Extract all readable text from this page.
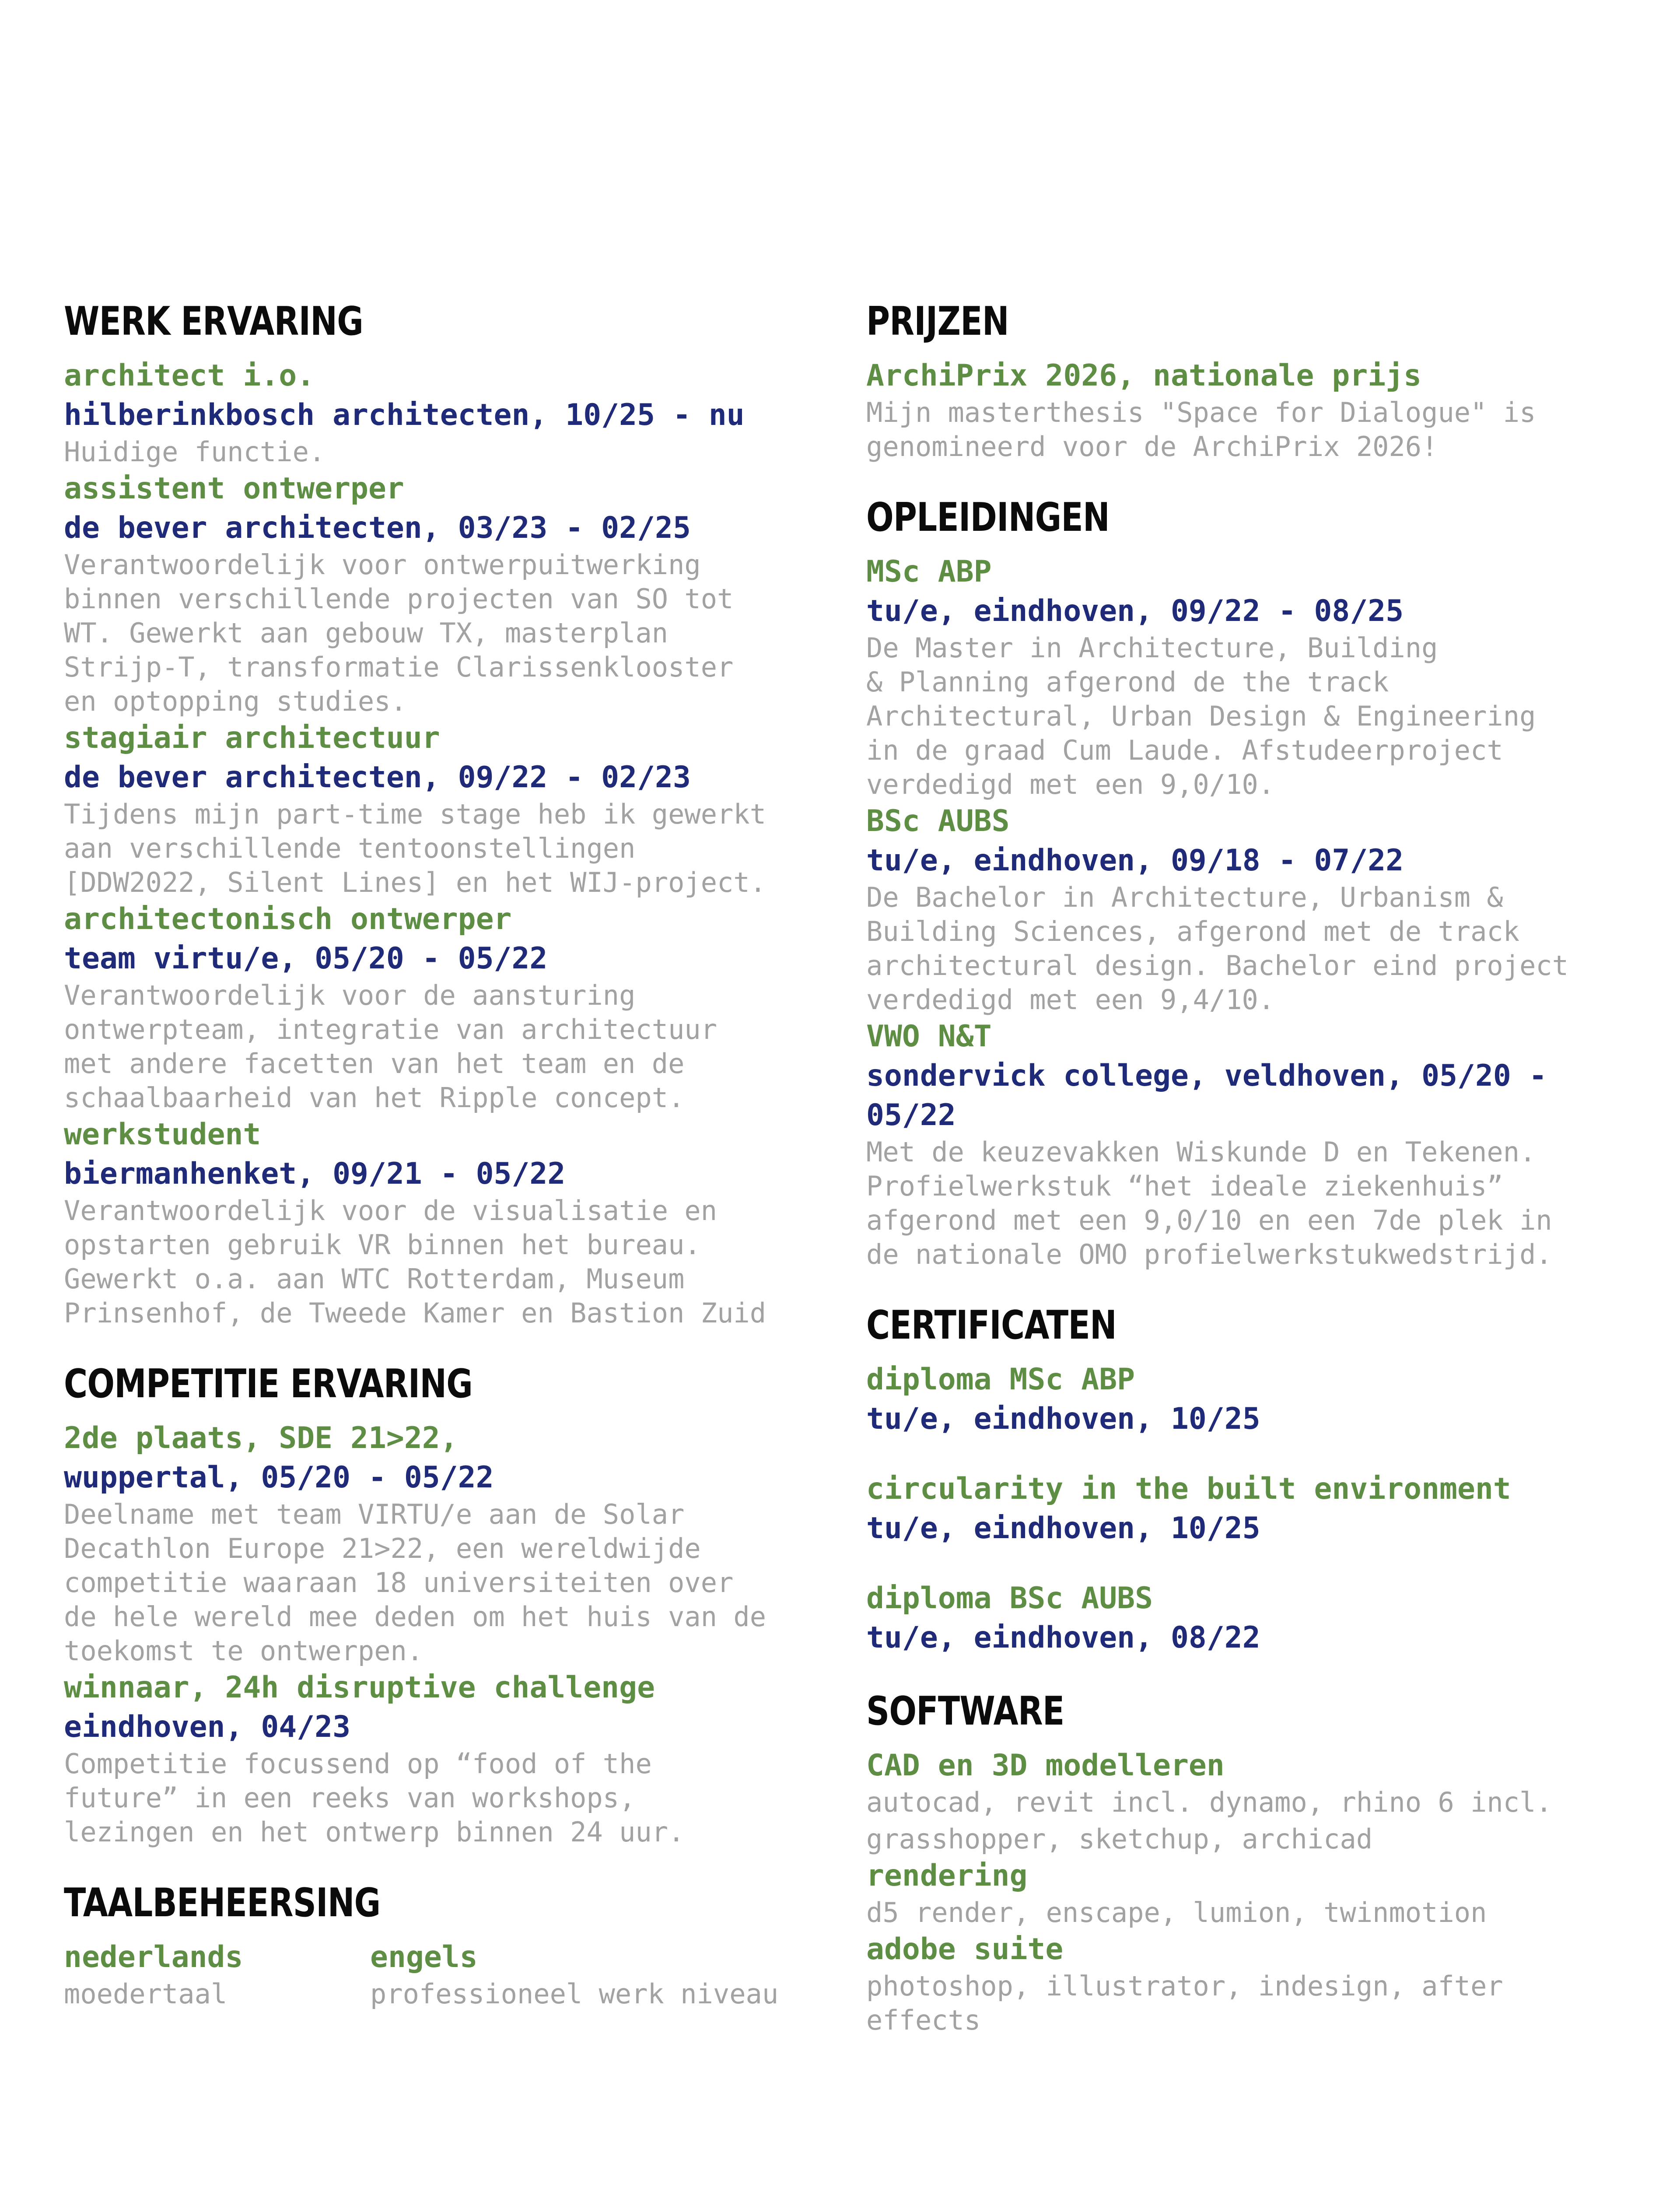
WERK ERVARING
architect i.o.
hilberinkbosch architecten, 10/25 - nu
Huidige functie.
assistent ontwerper
de bever architecten, 03/23 - 02/25
Verantwoordelijk voor ontwerpuitwerking
binnen verschillende projecten van SO tot
WT. Gewerkt aan gebouw TX, masterplan
Strijp-T, transformatie Clarissenklooster
en optopping studies.
stagiair architectuur
de bever architecten, 09/22 - 02/23
Tijdens mijn part-time stage heb ik gewerkt
aan verschillende tentoonstellingen
[DDW2022, Silent Lines] en het WIJ-project.
architectonisch ontwerper
team virtu/e, 05/20 - 05/22
Verantwoordelijk voor de aansturing
ontwerpteam, integratie van architectuur
met andere facetten van het team en de
schaalbaarheid van het Ripple concept.
werkstudent
biermanhenket, 09/21 - 05/22
Verantwoordelijk voor de visualisatie en
opstarten gebruik VR binnen het bureau.
Gewerkt o.a. aan WTC Rotterdam, Museum
Prinsenhof, de Tweede Kamer en Bastion Zuid
COMPETITIE ERVARING
2de plaats, SDE 21>22,
wuppertal, 05/20 - 05/22
Deelname met team VIRTU/e aan de Solar
Decathlon Europe 21>22, een wereldwijde
competitie waaraan 18 universiteiten over
de hele wereld mee deden om het huis van de
toekomst te ontwerpen.
winnaar, 24h disruptive challenge
eindhoven, 04/23
Competitie focussend op “food of the
future” in een reeks van workshops,
lezingen en het ontwerp binnen 24 uur.
TAALBEHEERSING
nederlands
moedertaal
engels
professioneel werk niveau
PRIJZEN
ArchiPrix 2026, nationale prijs
Mijn masterthesis "Space for Dialogue" is
genomineerd voor de ArchiPrix 2026!
OPLEIDINGEN
MSc ABP
tu/e, eindhoven, 09/22 - 08/25
De Master in Architecture, Building
& Planning afgerond de the track
Architectural, Urban Design & Engineering
in de graad Cum Laude. Afstudeerproject
verdedigd met een 9,0/10.
BSc AUBS
tu/e, eindhoven, 09/18 - 07/22
De Bachelor in Architecture, Urbanism &
Building Sciences, afgerond met de track
architectural design. Bachelor eind project
verdedigd met een 9,4/10.
VWO N&T
sondervick college, veldhoven, 05/20 - 05/22
Met de keuzevakken Wiskunde D en Tekenen.
Profielwerkstuk “het ideale ziekenhuis”
afgerond met een 9,0/10 en een 7de plek in
de nationale OMO profielwerkstukwedstrijd.
CERTIFICATEN
diploma MSc ABP
tu/e, eindhoven, 10/25
circularity in the built environment
tu/e, eindhoven, 10/25
diploma BSc AUBS
tu/e, eindhoven, 08/22
SOFTWARE
CAD en 3D modelleren
autocad, revit incl. dynamo, rhino 6 incl.
grasshopper, sketchup, archicad
rendering
d5 render, enscape, lumion, twinmotion
adobe suite
photoshop, illustrator, indesign, after
effects
